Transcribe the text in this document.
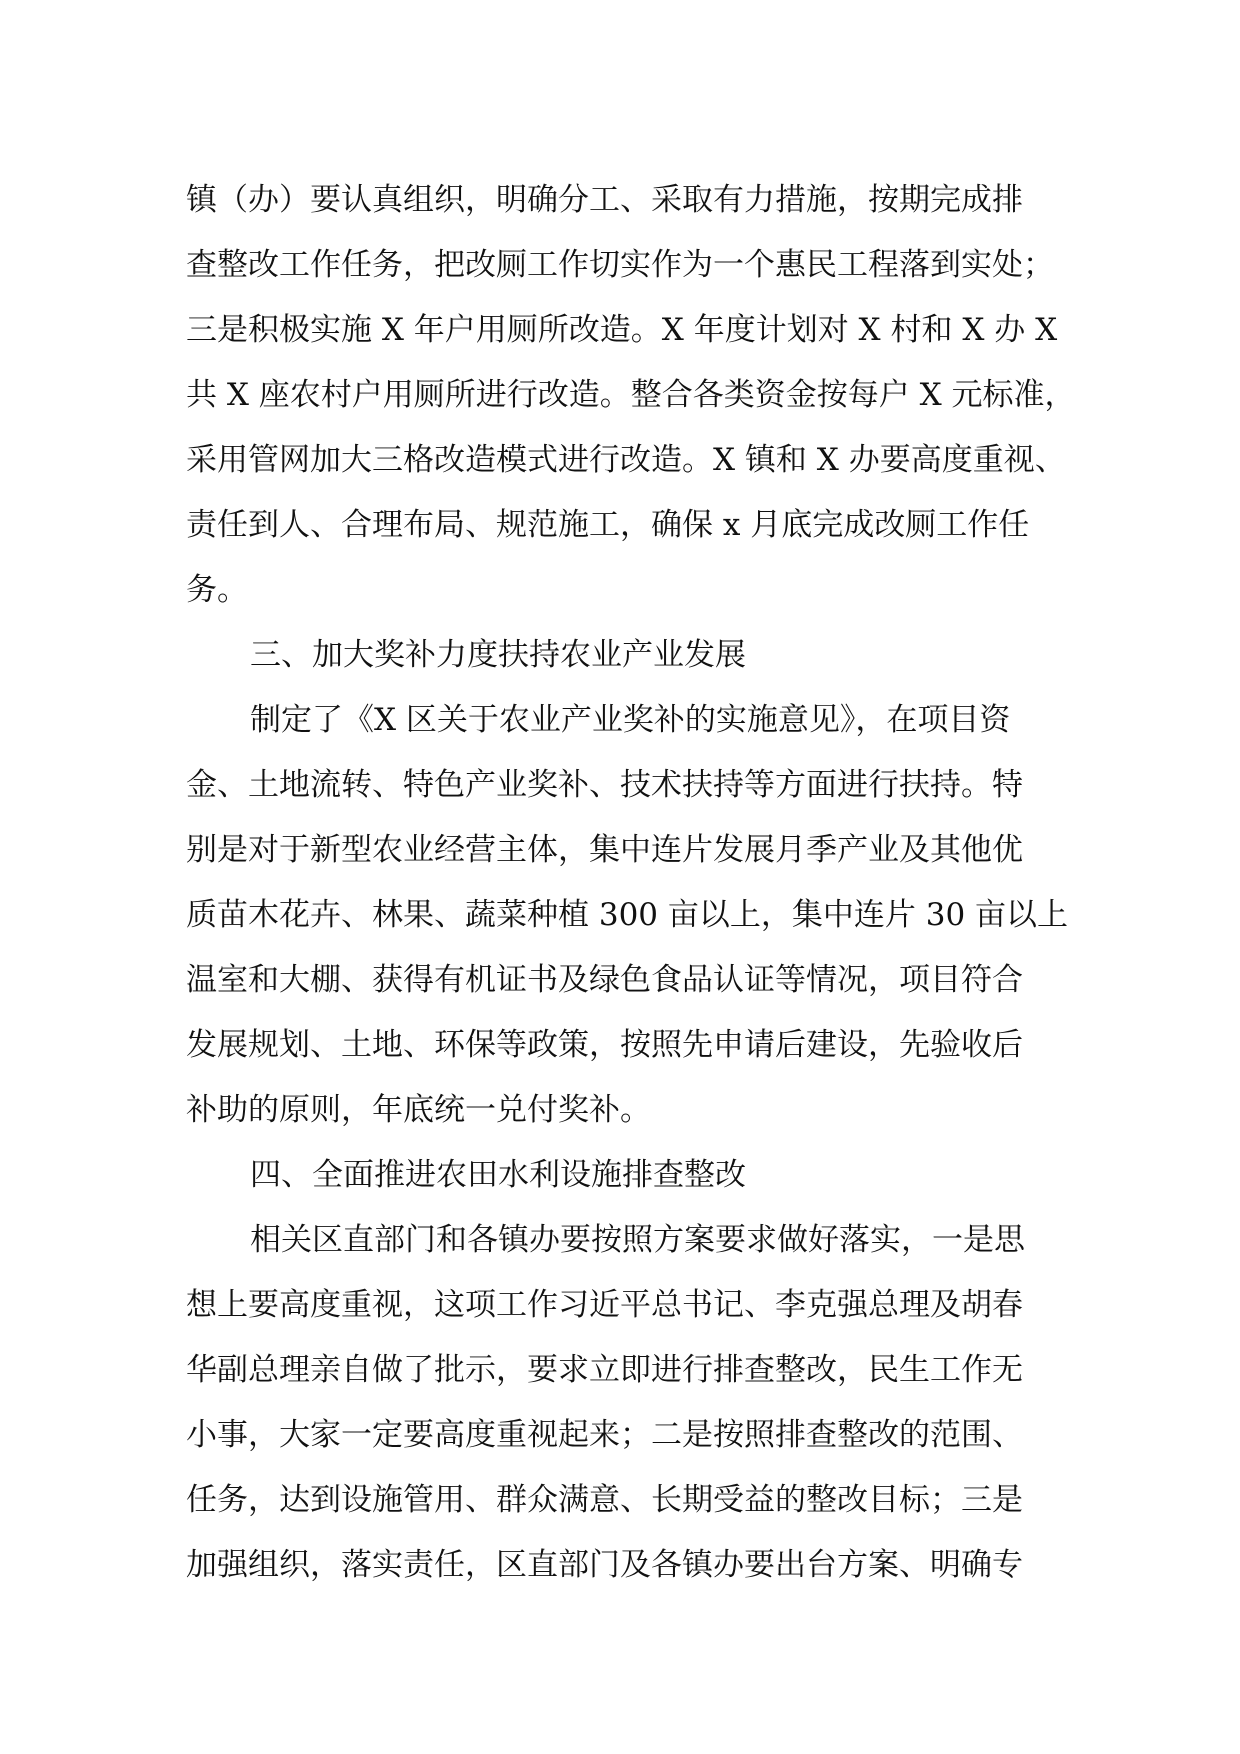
镇（办）要认真组织，明确分工、采取有力措施，按期完成排
查整改工作任务，把改厕工作切实作为一个惠民工程落到实处；
三是积极实施 X 年户用厕所改造。X 年度计划对 X 村和 X 办 X
共 X 座农村户用厕所进行改造。整合各类资金按每户 X 元标准，
采用管网加大三格改造模式进行改造。X 镇和 X 办要高度重视、
责任到人、合理布局、规范施工，确保 x 月底完成改厕工作任
务。
三、加大奖补力度扶持农业产业发展
制定了《X 区关于农业产业奖补的实施意见》，在项目资
金、土地流转、特色产业奖补、技术扶持等方面进行扶持。特
别是对于新型农业经营主体，集中连片发展月季产业及其他优
质苗木花卉、林果、蔬菜种植 300 亩以上，集中连片 30 亩以上
温室和大棚、获得有机证书及绿色食品认证等情况，项目符合
发展规划、土地、环保等政策，按照先申请后建设，先验收后
补助的原则，年底统一兑付奖补。
四、全面推进农田水利设施排查整改
相关区直部门和各镇办要按照方案要求做好落实，一是思
想上要高度重视，这项工作习近平总书记、李克强总理及胡春
华副总理亲自做了批示，要求立即进行排查整改，民生工作无
小事，大家一定要高度重视起来；二是按照排查整改的范围、
任务，达到设施管用、群众满意、长期受益的整改目标；三是
加强组织，落实责任，区直部门及各镇办要出台方案、明确专
